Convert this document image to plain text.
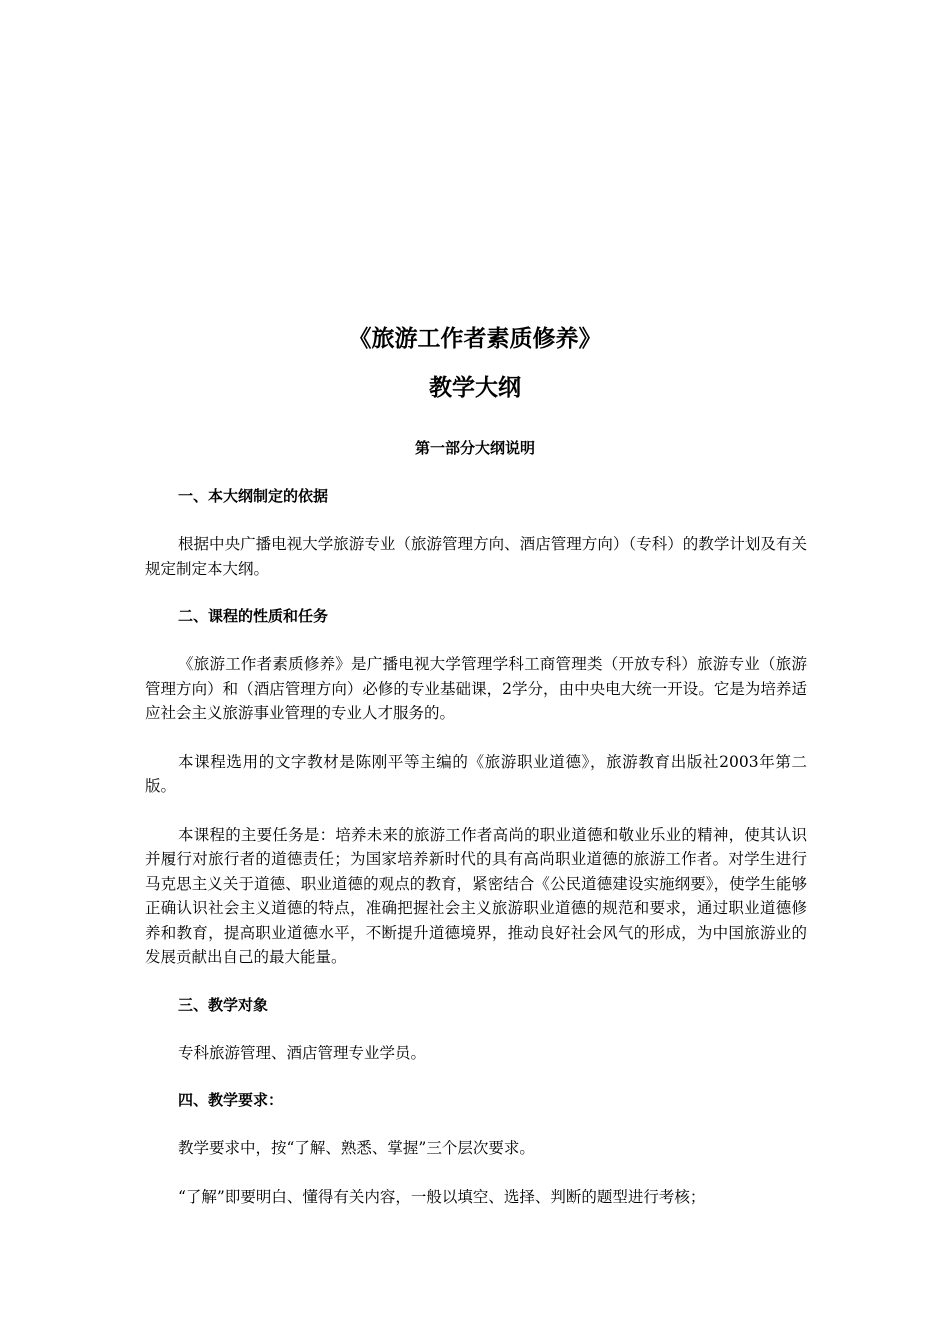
《旅游工作者素质修养》
教学大纲
第一部分大纲说明
一、本大纲制定的依据

根据中央广播电视大学旅游专业（旅游管理方向、酒店管理方向）（专科）的教学计划及有关规定制定本大纲。

二、课程的性质和任务

《旅游工作者素质修养》是广播电视大学管理学科工商管理类（开放专科）旅游专业（旅游管理方向）和（酒店管理方向）必修的专业基础课，2学分，由中央电大统一开设。它是为培养适应社会主义旅游事业管理的专业人才服务的。

本课程选用的文字教材是陈刚平等主编的《旅游职业道德》，旅游教育出版社2003年第二版。

本课程的主要任务是：培养未来的旅游工作者高尚的职业道德和敬业乐业的精神，使其认识并履行对旅行者的道德责任；为国家培养新时代的具有高尚职业道德的旅游工作者。对学生进行马克思主义关于道德、职业道德的观点的教育，紧密结合《公民道德建设实施纲要》，使学生能够正确认识社会主义道德的特点，准确把握社会主义旅游职业道德的规范和要求，通过职业道德修养和教育，提高职业道德水平，不断提升道德境界，推动良好社会风气的形成，为中国旅游业的发展贡献出自己的最大能量。

三、教学对象

专科旅游管理、酒店管理专业学员。

四、教学要求：

教学要求中，按“了解、熟悉、掌握”三个层次要求。

“了解”即要明白、懂得有关内容，一般以填空、选择、判断的题型进行考核；
